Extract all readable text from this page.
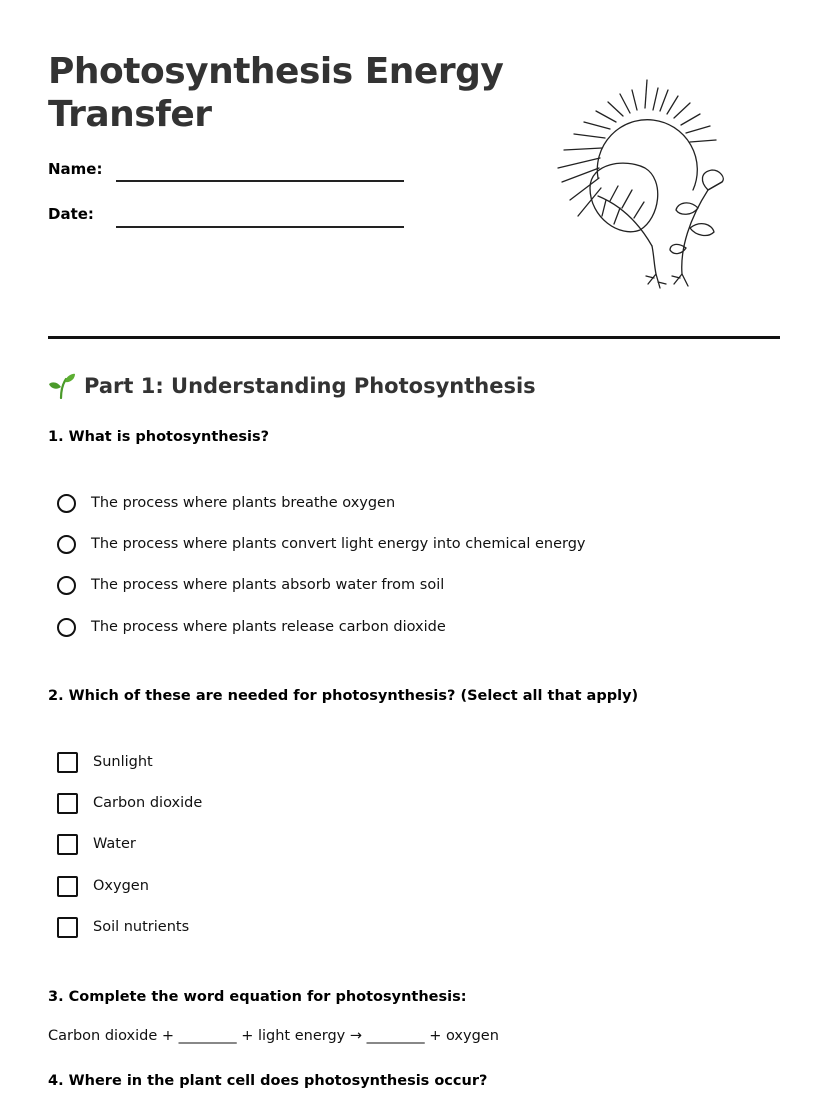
Photosynthesis Energy
Transfer
Name:
Date:
Part 1: Understanding Photosynthesis
1. What is photosynthesis?
The process where plants breathe oxygen
The process where plants convert light energy into chemical energy
The process where plants absorb water from soil
The process where plants release carbon dioxide
2. Which of these are needed for photosynthesis? (Select all that apply)
Sunlight
Carbon dioxide
Water
Oxygen
Soil nutrients
3. Complete the word equation for photosynthesis:
Carbon dioxide + ________ + light energy → ________ + oxygen
4. Where in the plant cell does photosynthesis occur?
